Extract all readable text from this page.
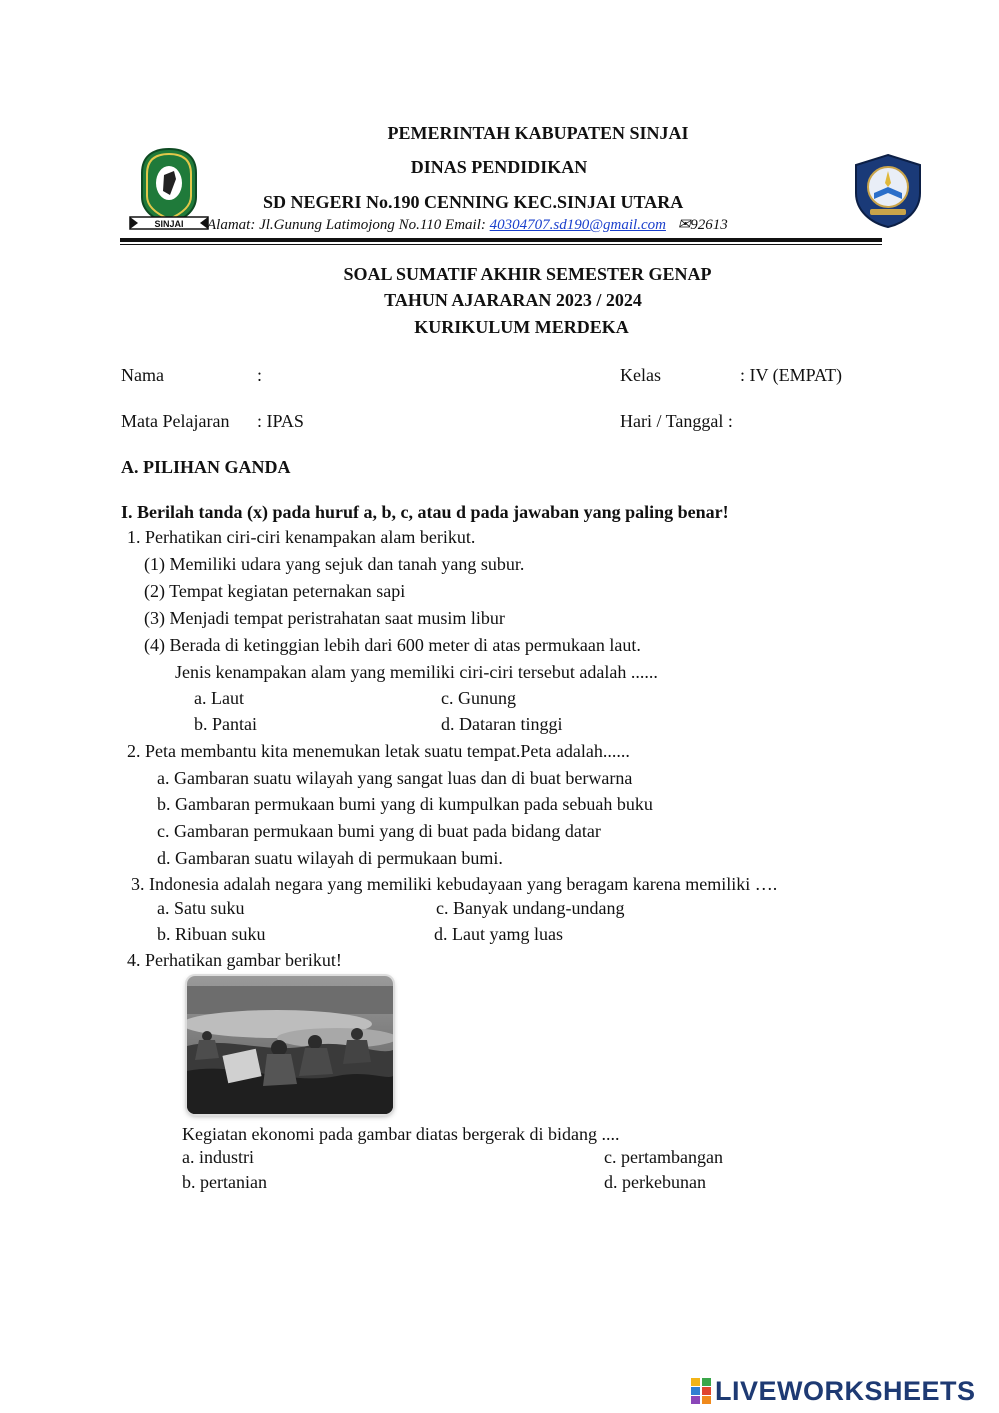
SINJAI
PEMERINTAH KABUPATEN SINJAI
DINAS PENDIDIKAN
SD NEGERI No.190 CENNING KEC.SINJAI UTARA
Alamat: Jl.Gunung Latimojong No.110 Email: 40304707.sd190@gmail.com ✉92613
SOAL SUMATIF AKHIR SEMESTER GENAP
TAHUN AJARARAN 2023 / 2024
KURIKULUM MERDEKA
Nama	:	Kelas	: IV (EMPAT)
Mata Pelajaran : IPAS	Hari / Tanggal :
A. PILIHAN GANDA
I. Berilah tanda (x) pada huruf a, b, c, atau d pada jawaban yang paling benar!
1. Perhatikan ciri-ciri kenampakan alam berikut.
(1) Memiliki udara yang sejuk dan tanah yang subur.
(2) Tempat kegiatan peternakan sapi
(3) Menjadi tempat peristrahatan saat musim libur
(4) Berada di ketinggian lebih dari 600 meter di atas permukaan laut.
Jenis kenampakan alam yang memiliki ciri-ciri tersebut adalah ......
a. Laut	c. Gunung
b. Pantai	d. Dataran tinggi
2. Peta membantu kita menemukan letak suatu tempat.Peta adalah......
a. Gambaran suatu wilayah yang sangat luas dan di buat berwarna
b. Gambaran permukaan bumi yang di kumpulkan pada sebuah buku
c. Gambaran permukaan bumi yang di buat pada bidang datar
d. Gambaran suatu wilayah di permukaan bumi.
3. Indonesia adalah negara yang memiliki kebudayaan yang beragam karena memiliki ….
a. Satu suku	c. Banyak undang-undang
b. Ribuan suku	d. Laut yamg luas
4. Perhatikan gambar berikut!
Kegiatan ekonomi pada gambar diatas bergerak di bidang ....
a. industri	c. pertambangan
b. pertanian	d. perkebunan
LIVEWORKSHEETS
